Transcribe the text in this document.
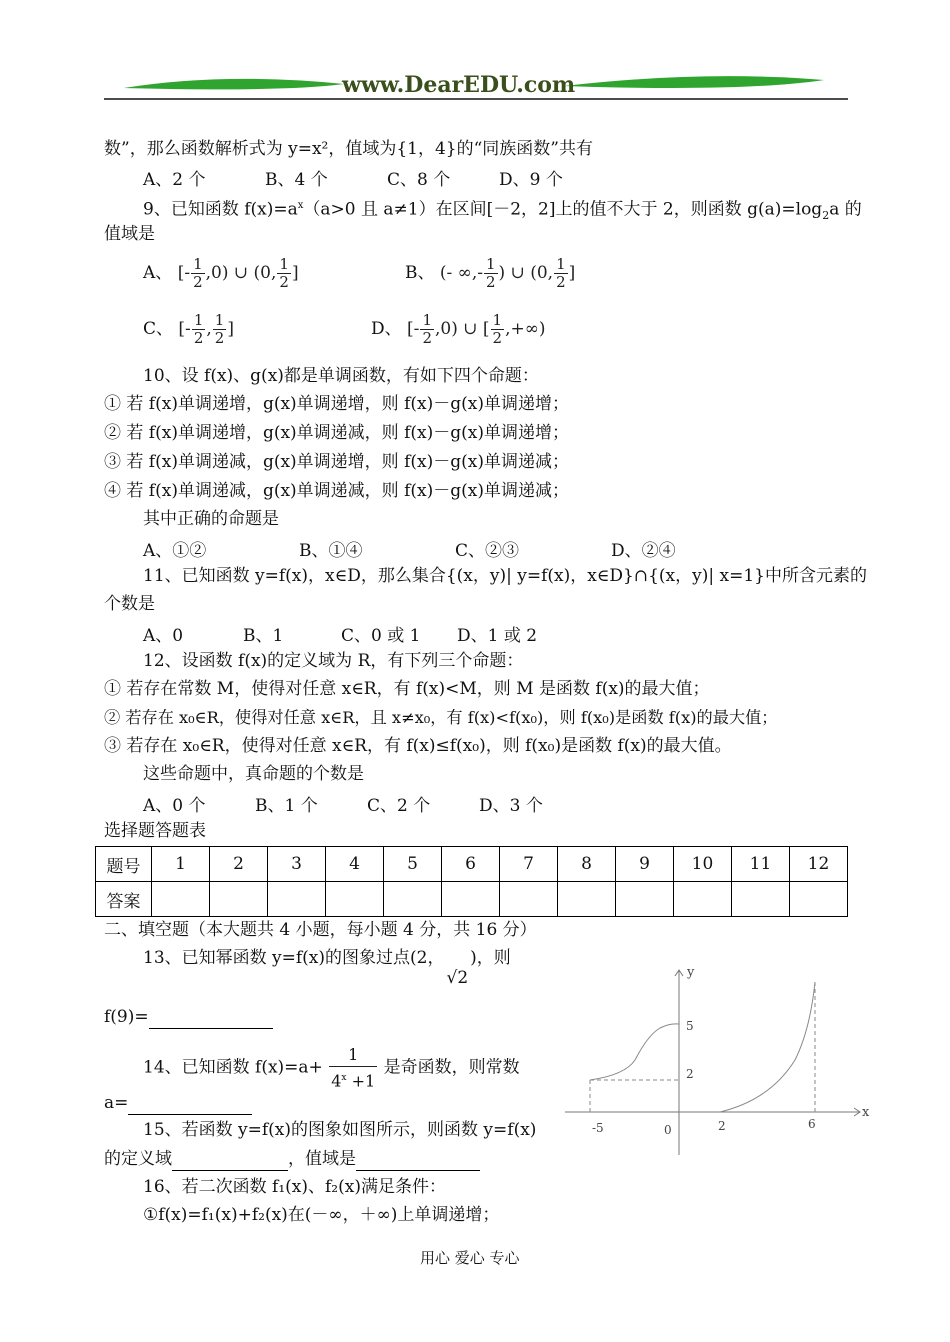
www.DearEDU.com
数”，那么函数解析式为 y=x²，值域为{1，4}的“同族函数”共有
A、2 个	B、4 个	C、8 个	D、9 个
9、已知函数 $f(x)=a^x(a>0$ 且 a≠1）在区间[－2，2]上的值不大于 2，则函数 $g(a)=\log_2a$ 的
值域是
A、 [- $\frac{1}{2} ,0$) ∪ (0, $\frac{1}{2}$ ]	B、 (- ∞,- $\frac{1}{2}$ ) ∪ (0, $\frac{1}{2}$ ]
C、 [- $\frac{1}{2}$ , $\frac{1}{2}$ ]	D、 [- $\frac{1}{2} ,0$) ∪ [ $\frac{1}{2}$ ,+∞)
10、设 f(x)、g(x)都是单调函数，有如下四个命题：
① 若 f(x)单调递增，g(x)单调递增，则 f(x)－g(x)单调递增；
② 若 f(x)单调递增，g(x)单调递减，则 f(x)－g(x)单调递增；
③ 若 f(x)单调递减，g(x)单调递增，则 f(x)－g(x)单调递减；
④ 若 f(x)单调递减，g(x)单调递减，则 f(x)－g(x)单调递减；
其中正确的命题是
A、①②	B、①④	C、②③	D、②④
11、已知函数 y=f(x)，x∈D，那么集合{(x，y)| y=f(x)，x∈D}∩{(x，y)| x=1}中所含元素的
个数是
A、0	B、1	C、0 或 1 D、1 或 2
12、设函数 f(x)的定义域为 R，有下列三个命题：
① 若存在常数 M，使得对任意 x∈R，有 f(x)<M，则 M 是函数 f(x)的最大值；
② 若存在 x₀∈R，使得对任意 x∈R，且 x≠x₀，有 f(x)<f(x₀)，则 f(x₀)是函数 f(x)的最大值；
③ 若存在 x₀∈R，使得对任意 x∈R，有 f(x)≤f(x₀)，则 f(x₀)是函数 f(x)的最大值。
这些命题中，真命题的个数是
A、0 个	B、1 个	C、2 个	D、3 个
选择题答题表
题号	1	2	3	4	5	6	7	8	9	10	11	12
答案												
二、填空题（本大题共 4 小题，每小题 4 分，共 16 分）
13、已知幂函数 y=f(x)的图象过点(2，√2)，则
f(9)=
14、已知函数 $f(x)=a+ \frac{1}{4^x +1}$ 是奇函数，则常数
a=
15、若函数 y=f(x)的图象如图所示，则函数 y=f(x)
的定义域	，值域是
16、若二次函数 f₁(x)、f₂(x)满足条件：
①f(x)=f₁(x)+f₂(x)在(－∞，＋∞)上单调递增；
y
x
5
2
-5	0	2	6
用心 爱心 专心
